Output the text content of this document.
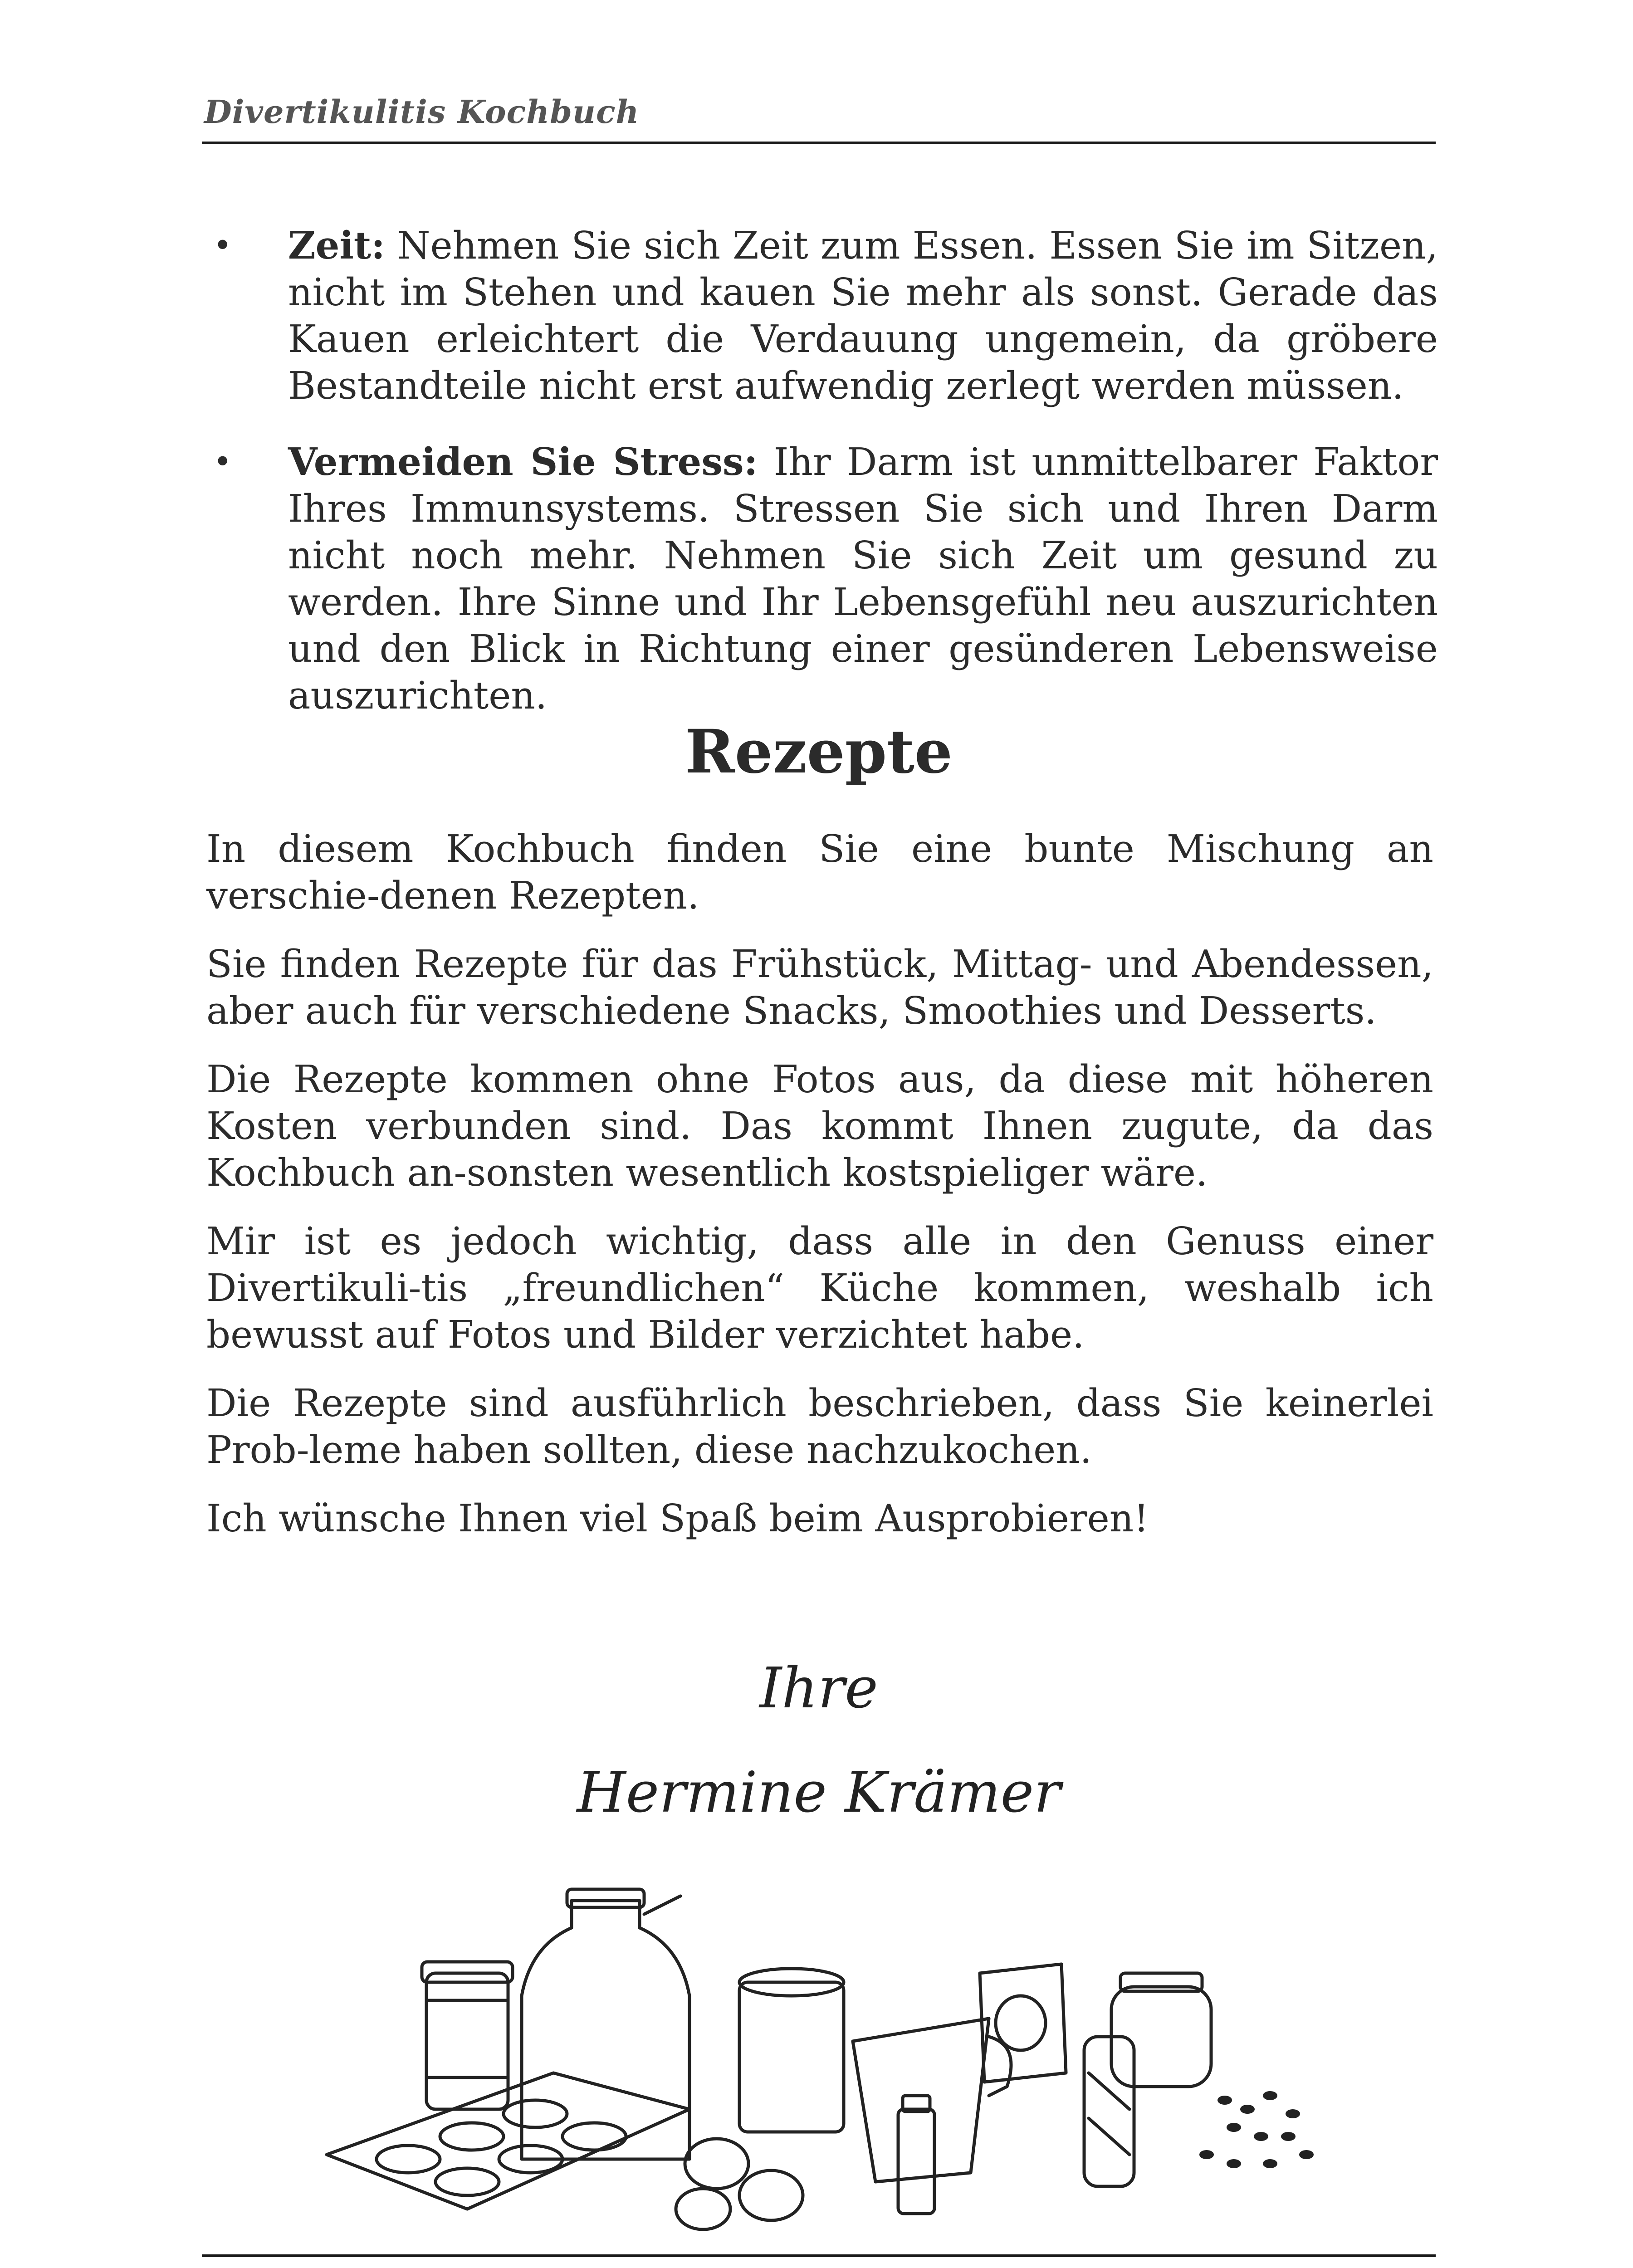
Divertikulitis Kochbuch
• Zeit: Nehmen Sie sich Zeit zum Essen. Essen Sie im Sitzen, nicht im Stehen und kauen Sie mehr als sonst. Gerade das Kauen erleichtert die Verdauung ungemein, da gröbere Bestandteile nicht erst aufwendig zerlegt werden müssen.
• Vermeiden Sie Stress: Ihr Darm ist unmittelbarer Faktor Ihres Immunsystems. Stressen Sie sich und Ihren Darm nicht noch mehr. Nehmen Sie sich Zeit um gesund zu werden. Ihre Sinne und Ihr Lebensgefühl neu auszurichten und den Blick in Richtung einer gesünderen Lebensweise auszurichten.
Rezepte

In diesem Kochbuch finden Sie eine bunte Mischung an verschie-denen Rezepten.

Sie finden Rezepte für das Frühstück, Mittag- und Abendessen, aber auch für verschiedene Snacks, Smoothies und Desserts.

Die Rezepte kommen ohne Fotos aus, da diese mit höheren Kosten verbunden sind. Das kommt Ihnen zugute, da das Kochbuch an-sonsten wesentlich kostspieliger wäre.

Mir ist es jedoch wichtig, dass alle in den Genuss einer Divertikuli-tis „freundlichen“ Küche kommen, weshalb ich bewusst auf Fotos und Bilder verzichtet habe.

Die Rezepte sind ausführlich beschrieben, dass Sie keinerlei Prob-leme haben sollten, diese nachzukochen.

Ich wünsche Ihnen viel Spaß beim Ausprobieren!

Ihre
Hermine Krämer
